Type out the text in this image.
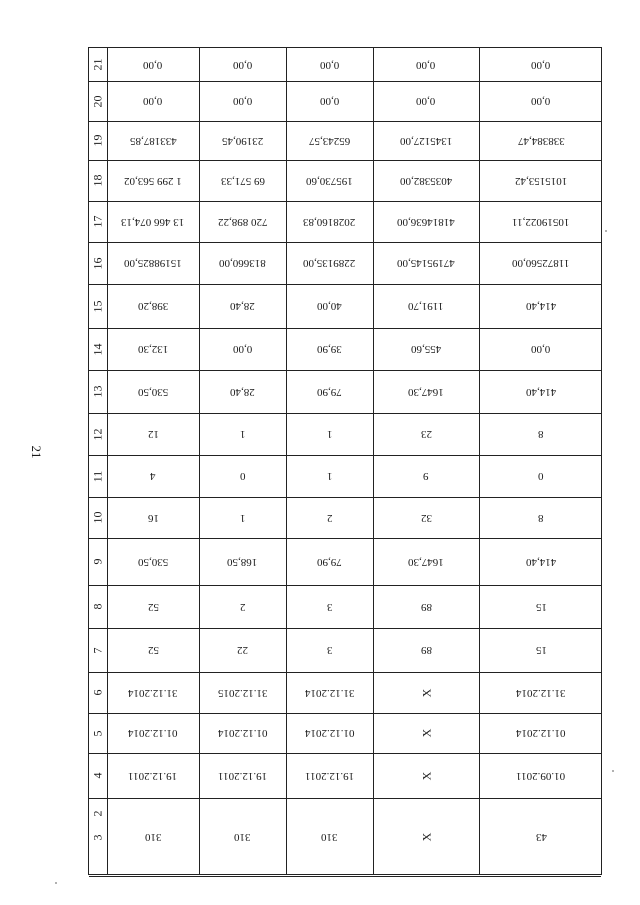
21
21
20
19
18
17
16
15
14
13
12
11
10
9
8
7
6
5
4
3
2
0,00
0,00
433187,85
1 299 563,02
13 466 074,13
15198825,00
398,20
132,30
530,50
12
4
16
530,50
52
52
31.12.2014
01.12.2014
19.12.2011
310
0,00
0,00
23190,45
69 571,33
720 898,22
813660,00
28,40
0,00
28,40
1
0
1
168,50
2
22
31.12.2015
01.12.2014
19.12.2011
310
0,00
0,00
65243,57
195730,60
2028160,83
2289135,00
40,00
39,90
79,90
1
1
2
79,90
3
3
31.12.2014
01.12.2014
19.12.2011
310
0,00
0,00
1345127,00
4035382,00
41814636,00
47195145,00
1191,70
455,60
1647,30
23
9
32
1647,30
89
89
X
X
X
X
0,00
0,00
338384,47
1015153,42
10519022,11
11872560,00
414,40
0,00
414,40
8
0
8
414,40
15
15
31.12.2014
01.12.2014
01.09.2011
43
